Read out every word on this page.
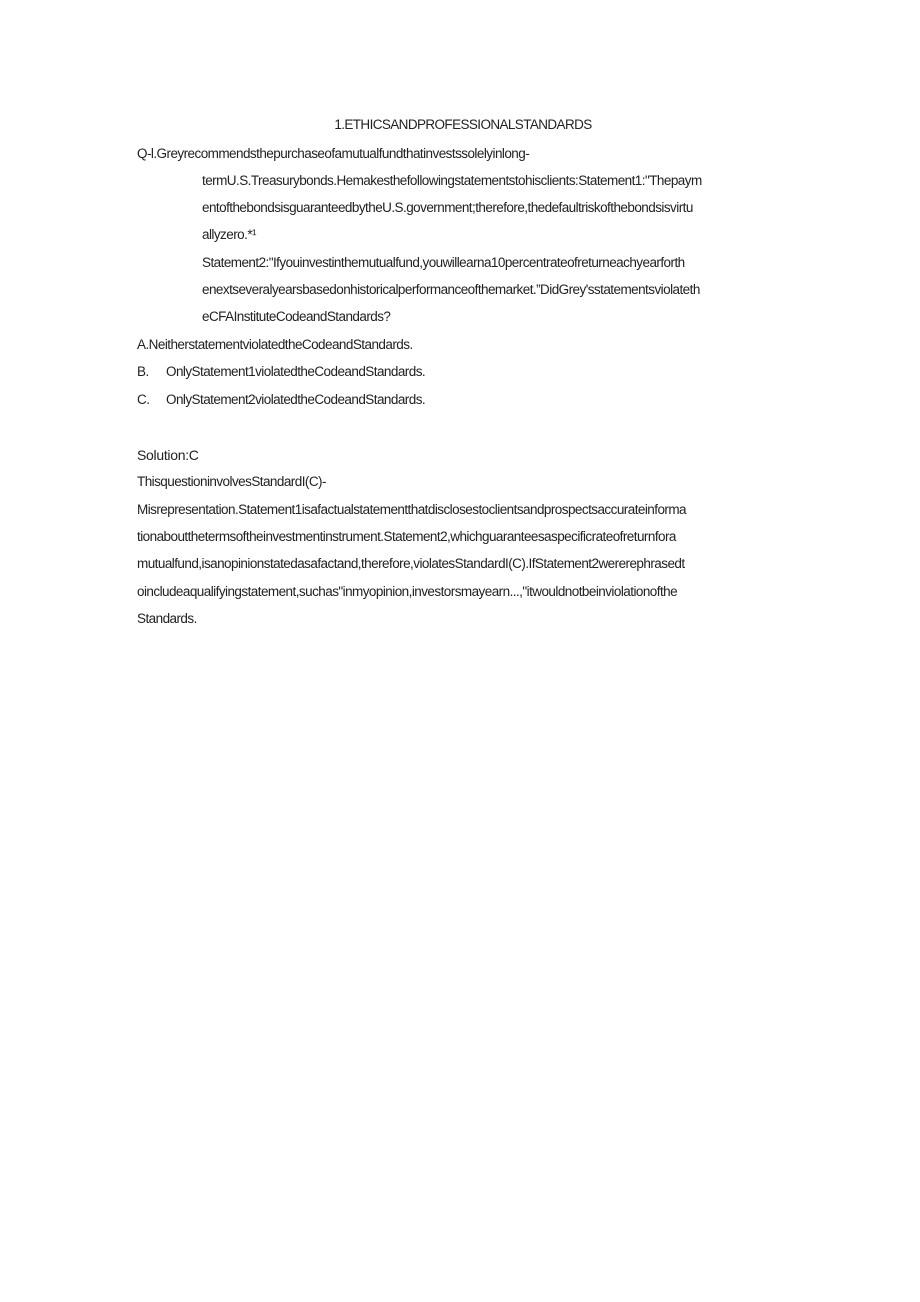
1.ETHICSANDPROFESSIONALSTANDARDS
Q-l.Greyrecommendsthepurchaseofamutualfundthatinvestssolelyinlong-
termU.S.Treasurybonds.Hemakesthefollowingstatementstohisclients:Statement1:"Thepaym
entofthebondsisguaranteedbytheU.S.government;therefore,thedefaultriskofthebondsisvirtu
allyzero.*¹
Statement2:"Ifyouinvestinthemutualfund,youwillearna10percentrateofreturneachyearforth
enextseveralyearsbasedonhistoricalperformanceofthemarket.”DidGrey'sstatementsviolateth
eCFAInstituteCodeandStandards?
A.NeitherstatementviolatedtheCodeandStandards.
B. OnlyStatement1violatedtheCodeandStandards.
C. OnlyStatement2violatedtheCodeandStandards.
Solution:C
ThisquestioninvolvesStandardI(C)-
Misrepresentation.Statement1isafactualstatementthatdisclosestoclientsandprospectsaccurateinforma
tionaboutthetermsoftheinvestmentinstrument.Statement2,whichguaranteesaspecificrateofreturnfora
mutualfund,isanopinionstatedasafactand,therefore,violatesStandardI(C).IfStatement2wererephrasedt
oincludeaqualifyingstatement,suchas"inmyopinion,investorsmayearn...,"itwouldnotbeinviolationofthe
Standards.
